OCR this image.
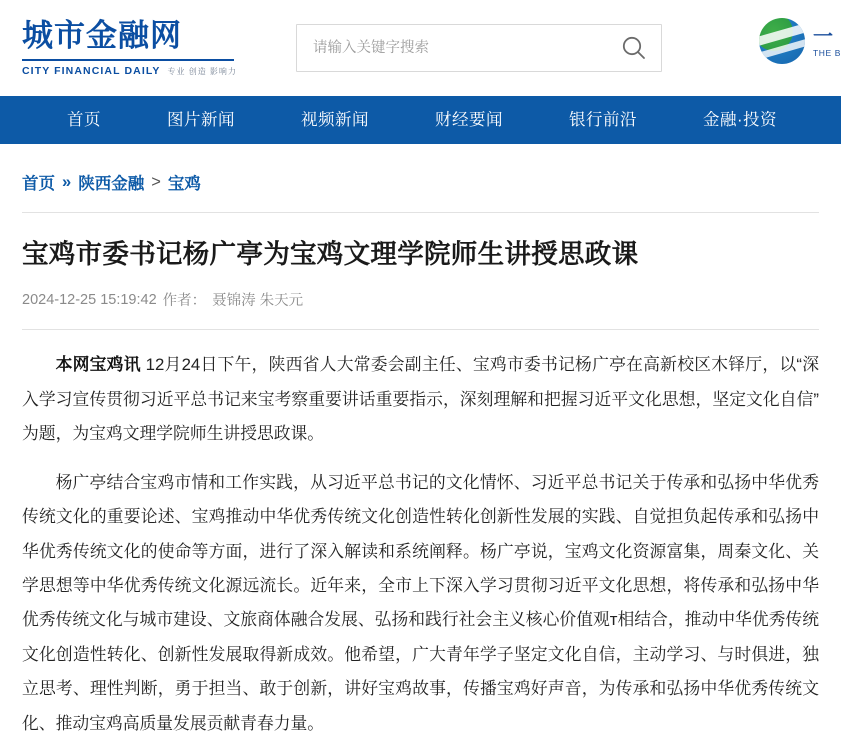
城市金融网
CITY FINANCIAL DAILY 专业 创造 影响力
请输入关键字搜索
一
THE B
首页	图片新闻	视频新闻	财经要闻	银行前沿	金融·投资
首页 » 陕西金融 > 宝鸡
宝鸡市委书记杨广亭为宝鸡文理学院师生讲授思政课
2024-12-25 15:19:42 作者： 聂锦涛 朱天元

本网宝鸡讯 12月24日下午，陕西省人大常委会副主任、宝鸡市委书记杨广亭在高新校区木铎厅，以“深入学习宣传贯彻习近平总书记来宝考察重要讲话重要指示，深刻理解和把握习近平文化思想，坚定文化自信”为题，为宝鸡文理学院师生讲授思政课。

杨广亭结合宝鸡市情和工作实践，从习近平总书记的文化情怀、习近平总书记关于传承和弘扬中华优秀传统文化的重要论述、宝鸡推动中华优秀传统文化创造性转化创新性发展的实践、自觉担负起传承和弘扬中华优秀传统文化的使命等方面，进行了深入解读和系统阐释。杨广亭说，宝鸡文化资源富集，周秦文化、关学思想等中华优秀传统文化源远流长。近年来，全市上下深入学习贯彻习近平文化思想，将传承和弘扬中华优秀传统文化与城市建设、文旅商体融合发展、弘扬和践行社会主义核心价值观т相结合，推动中华优秀传统文化创造性转化、创新性发展取得新成效。他希望，广大青年学子坚定文化自信，主动学习、与时俱进，独立思考、理性判断，勇于担当、敢于创新，讲好宝鸡故事，传播宝鸡好声音，为传承和弘扬中华优秀传统文化、推动宝鸡高质量发展贡献青春力量。
